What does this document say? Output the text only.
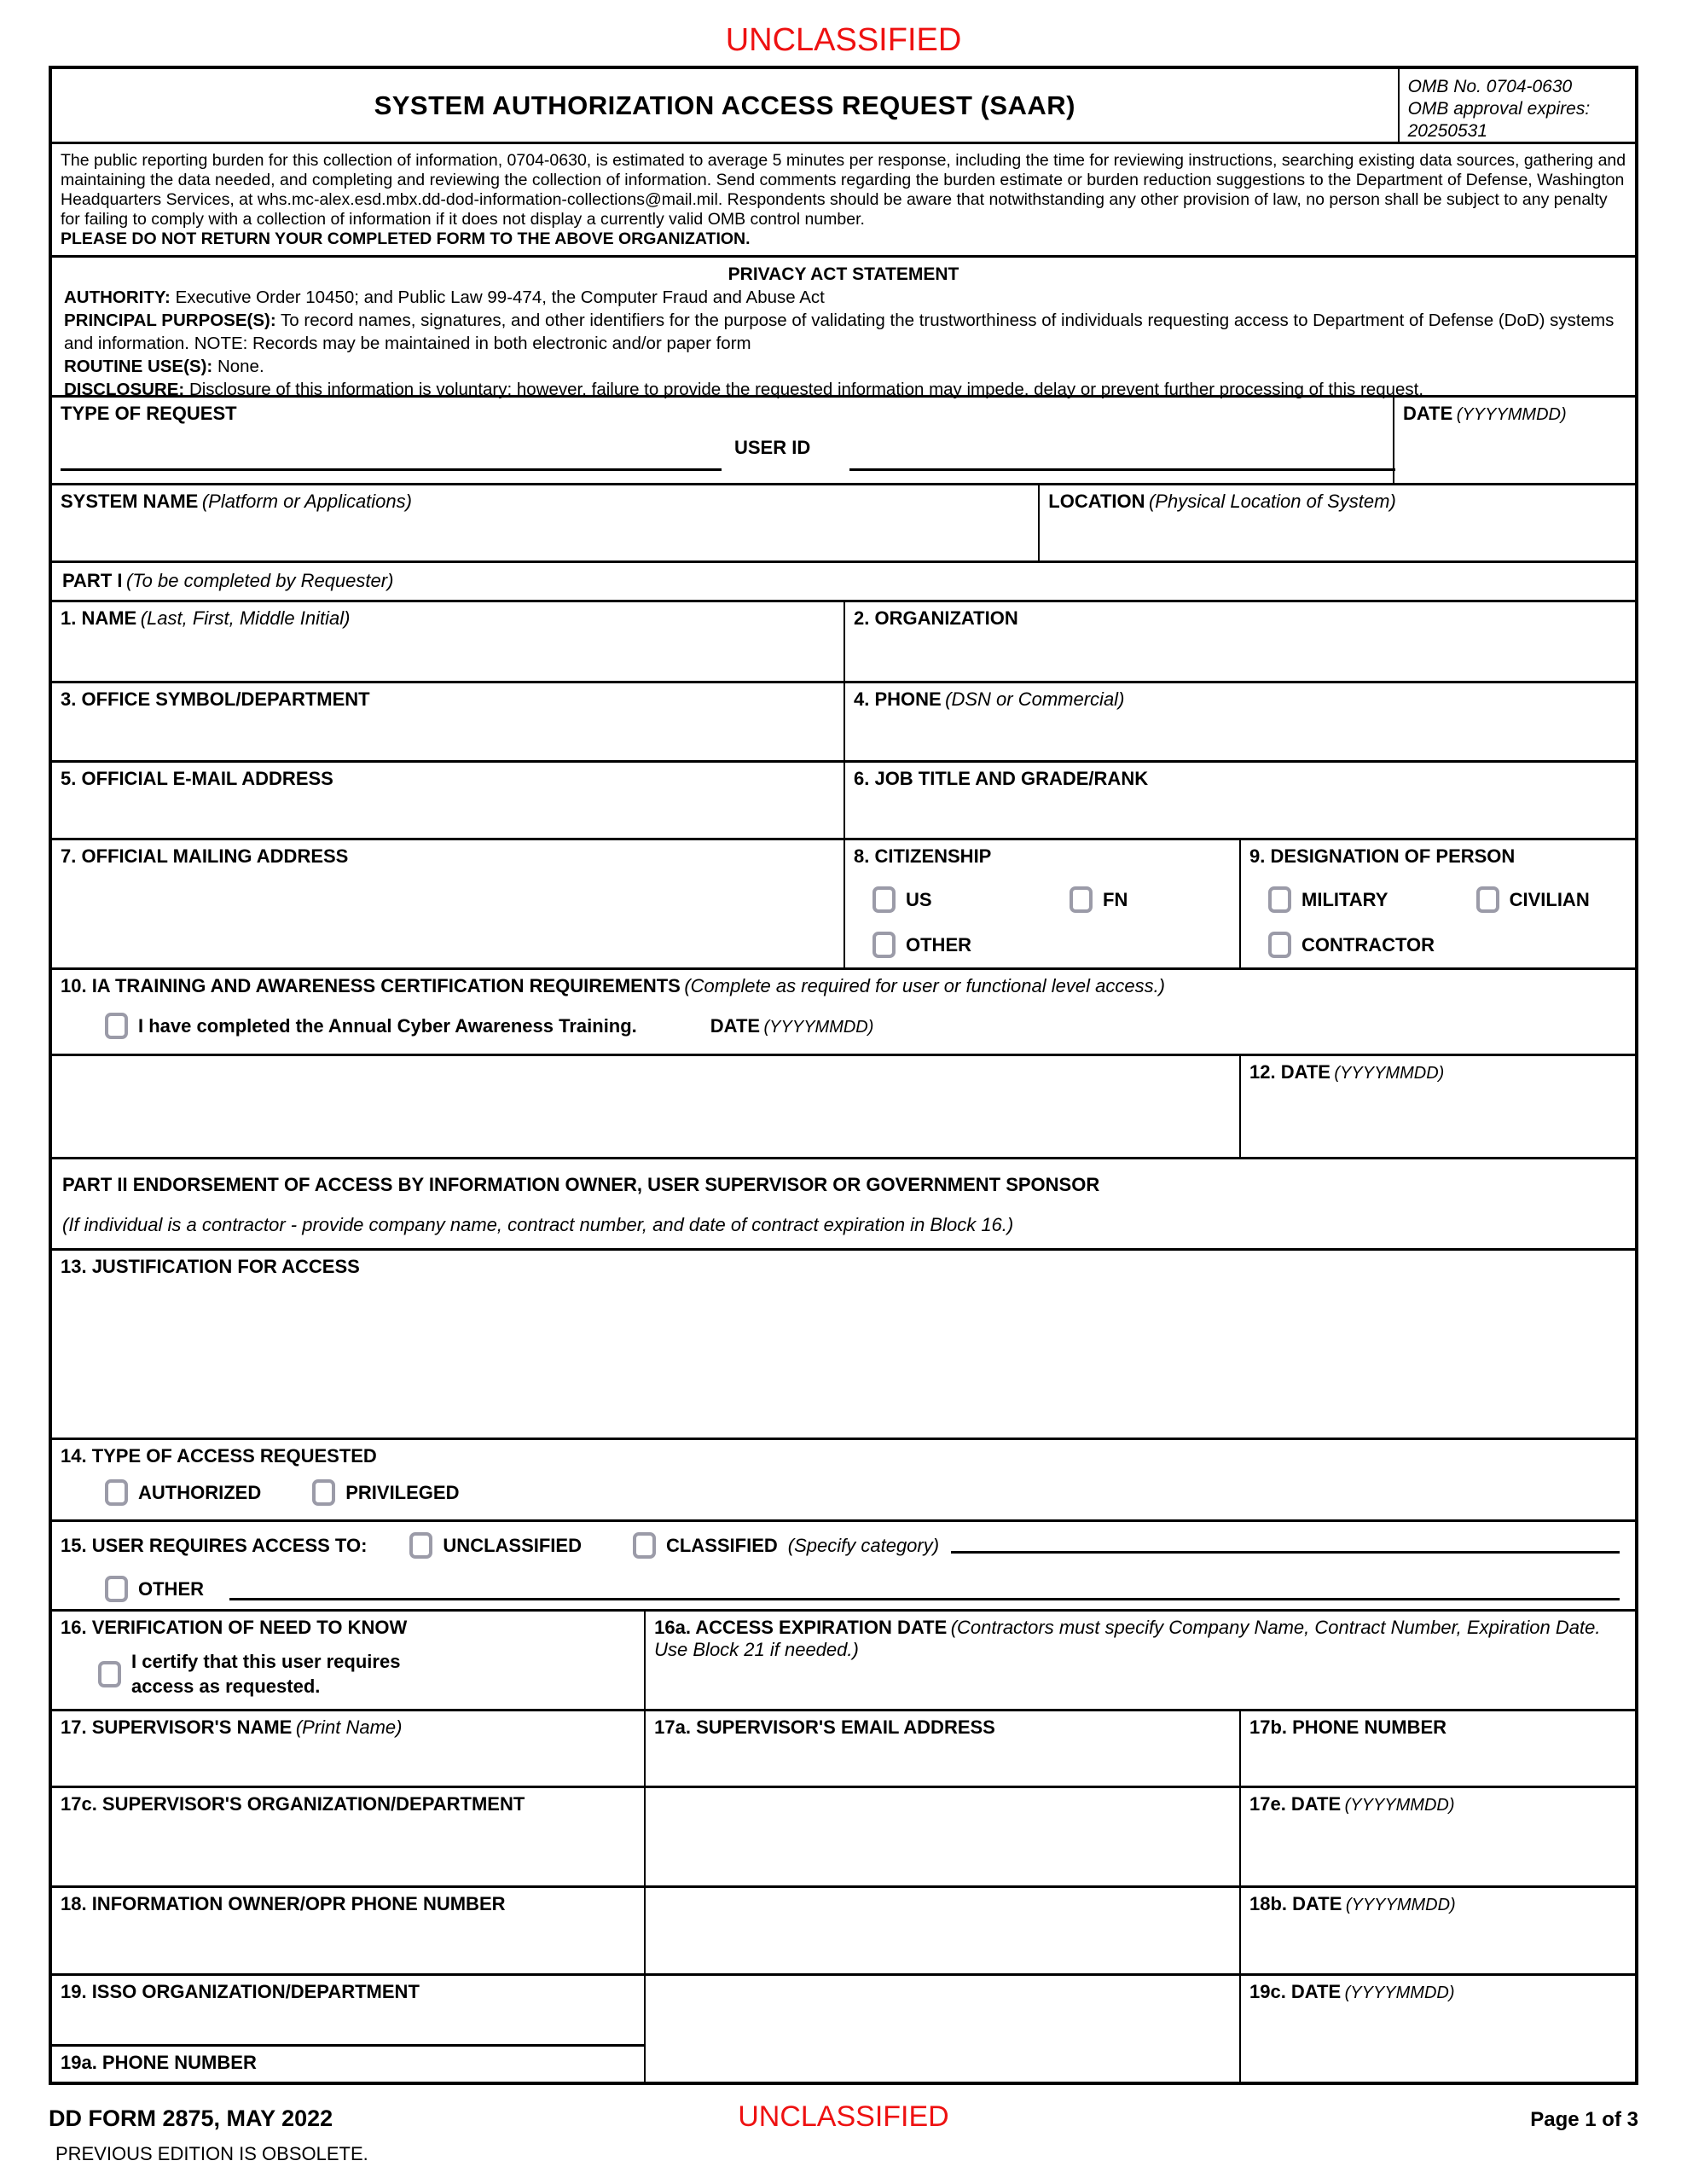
UNCLASSIFIED
SYSTEM AUTHORIZATION ACCESS REQUEST (SAAR)
OMB No. 0704-0630
OMB approval expires:
20250531
The public reporting burden for this collection of information, 0704-0630, is estimated to average 5 minutes per response, including the time for reviewing instructions, searching existing data sources, gathering and maintaining the data needed, and completing and reviewing the collection of information. Send comments regarding the burden estimate or burden reduction suggestions to the Department of Defense, Washington Headquarters Services, at whs.mc-alex.esd.mbx.dd-dod-information-collections@mail.mil. Respondents should be aware that notwithstanding any other provision of law, no person shall be subject to any penalty for failing to comply with a collection of information if it does not display a currently valid OMB control number.
PLEASE DO NOT RETURN YOUR COMPLETED FORM TO THE ABOVE ORGANIZATION.
PRIVACY ACT STATEMENT
AUTHORITY: Executive Order 10450; and Public Law 99-474, the Computer Fraud and Abuse Act
PRINCIPAL PURPOSE(S): To record names, signatures, and other identifiers for the purpose of validating the trustworthiness of individuals requesting access to Department of Defense (DoD) systems and information. NOTE: Records may be maintained in both electronic and/or paper form
ROUTINE USE(S): None.
DISCLOSURE: Disclosure of this information is voluntary; however, failure to provide the requested information may impede, delay or prevent further processing of this request.
TYPE OF REQUEST
USER ID
DATE (YYYYMMDD)
SYSTEM NAME (Platform or Applications)	LOCATION (Physical Location of System)
PART I (To be completed by Requester)
1. NAME (Last, First, Middle Initial)	2. ORGANIZATION
3. OFFICE SYMBOL/DEPARTMENT	4. PHONE (DSN or Commercial)
5. OFFICIAL E-MAIL ADDRESS	6. JOB TITLE AND GRADE/RANK
7. OFFICIAL MAILING ADDRESS	8. CITIZENSHIP
US	FN
OTHER
9. DESIGNATION OF PERSON
MILITARY	CIVILIAN
CONTRACTOR
10. IA TRAINING AND AWARENESS CERTIFICATION REQUIREMENTS (Complete as required for user or functional level access.)
I have completed the Annual Cyber Awareness Training.	DATE (YYYYMMDD)
12. DATE (YYYYMMDD)
PART II ENDORSEMENT OF ACCESS BY INFORMATION OWNER, USER SUPERVISOR OR GOVERNMENT SPONSOR
(If individual is a contractor - provide company name, contract number, and date of contract expiration in Block 16.)
13. JUSTIFICATION FOR ACCESS
14. TYPE OF ACCESS REQUESTED
AUTHORIZED	PRIVILEGED
15. USER REQUIRES ACCESS TO:	UNCLASSIFIED	CLASSIFIED (Specify category)
OTHER
16. VERIFICATION OF NEED TO KNOW
I certify that this user requires
access as requested.
16a. ACCESS EXPIRATION DATE (Contractors must specify Company Name, Contract Number, Expiration Date. Use Block 21 if needed.)
17. SUPERVISOR'S NAME (Print Name)	17a. SUPERVISOR'S EMAIL ADDRESS	17b. PHONE NUMBER
17c. SUPERVISOR'S ORGANIZATION/DEPARTMENT	17e. DATE (YYYYMMDD)
18. INFORMATION OWNER/OPR PHONE NUMBER	18b. DATE (YYYYMMDD)
19. ISSO ORGANIZATION/DEPARTMENT
19a. PHONE NUMBER
19c. DATE (YYYYMMDD)
DD FORM 2875, MAY 2022	UNCLASSIFIED	Page 1 of 3
PREVIOUS EDITION IS OBSOLETE.
